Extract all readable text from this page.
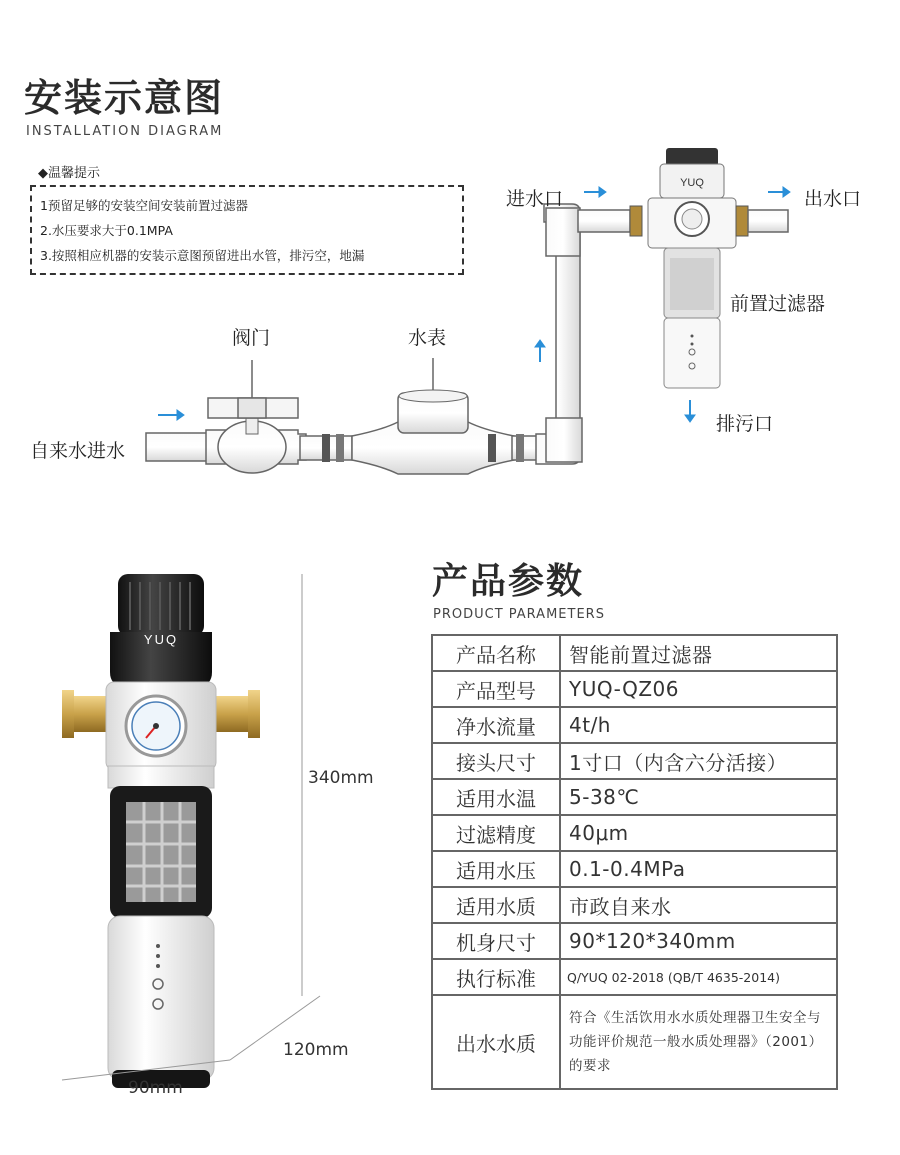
安装示意图
INSTALLATION DIAGRAM
◆温馨提示
1预留足够的安装空间安装前置过滤器
2.水压要求大于0.1MPA
3.按照相应机器的安装示意图预留进出水管，排污空，地漏
YUQ
自来水进水
阀门	水表
进水口	出水口
前置过滤器
排污口
YUQ
340mm
120mm
90mm
产品参数
PRODUCT PARAMETERS
产品名称	智能前置过滤器
产品型号	YUQ-QZ06
净水流量	4t/h
接头尺寸	1寸口（内含六分活接）
适用水温	5-38℃
过滤精度	40μm
适用水压	0.1-0.4MPa
适用水质	市政自来水
机身尺寸	90*120*340mm
执行标准	Q/YUQ 02-2018 (QB/T 4635-2014)
出水水质	符合《生活饮用水水质处理器卫生安全与功能评价规范一般水质处理器》（2001）的要求
